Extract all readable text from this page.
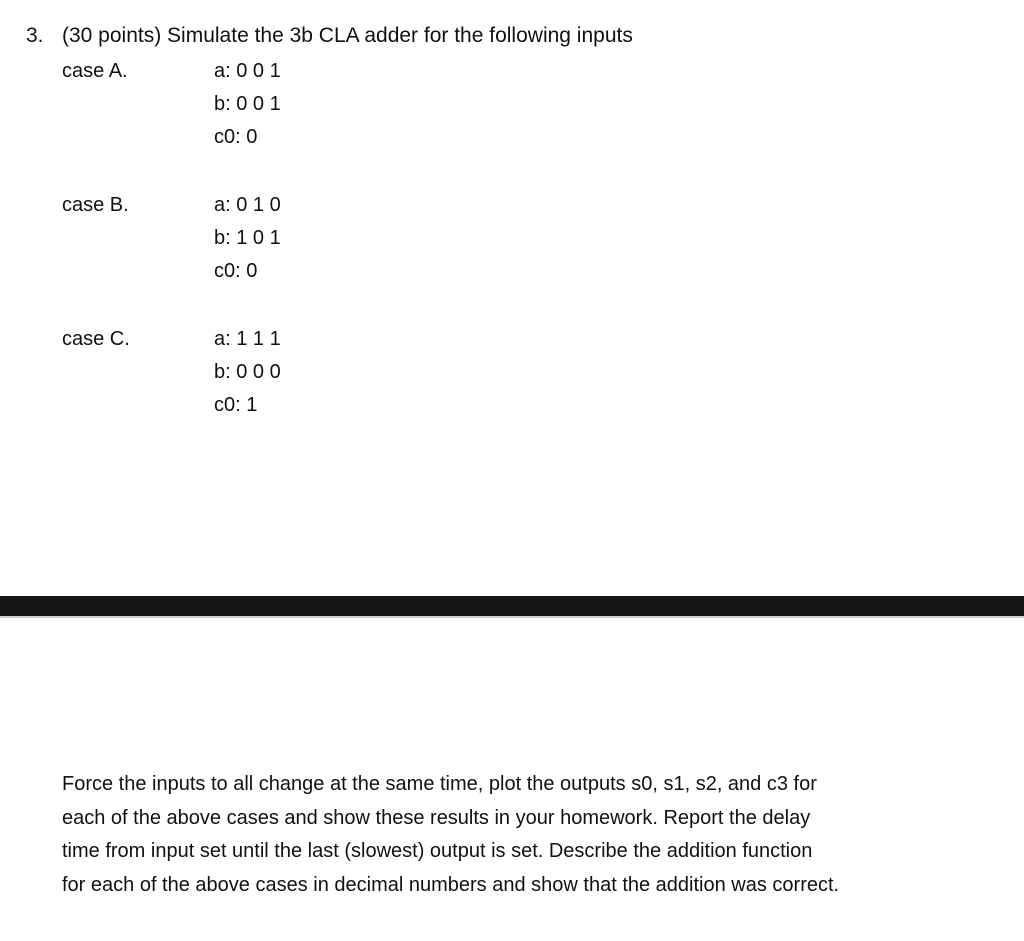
3. (30 points) Simulate the 3b CLA adder for the following inputs
case A.	a: 0 0 1
b: 0 0 1
c0: 0
case B.	a: 0 1 0
b: 1 0 1
c0: 0
case C.	a: 1 1 1
b: 0 0 0
c0: 1
Force the inputs to all change at the same time, plot the outputs s0, s1, s2, and c3 for
each of the above cases and show these results in your homework. Report the delay
time from input set until the last (slowest) output is set. Describe the addition function
for each of the above cases in decimal numbers and show that the addition was correct.
